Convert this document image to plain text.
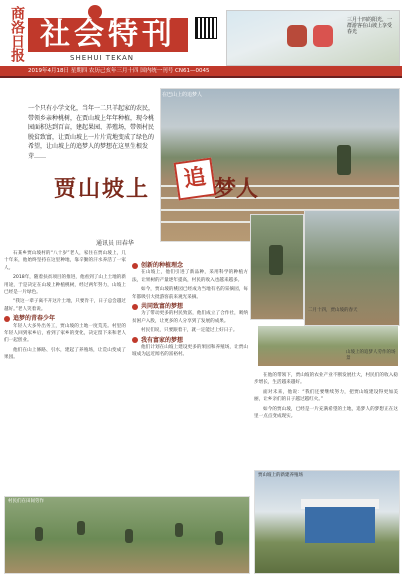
商洛日报 社会特刊
SHEHUI TEKAN
三月十四的阳光，一群游客在山坡上享受春光
2019年4月18日 星期四 农历己亥年三月十四 国内统一刊号 CN61—0045
一个只有小学文化，当年一二只羊起家的农民，带领乡亲种桃树，在贾山坡上年年种植，现今桃园面积达到百亩，建起果园、养殖场，带领村民脱贫致富，让贾山坡上一片片荒地变成了绿色的希望，让山坡上的追梦人的梦想在这里生根发芽……
在巴山上的追梦人
贾山坡上	追 梦人
通讯员 田春华
二月十四，贾山坡的春天
山坡上的追梦人劳作的场景

石某乡贾山坡村的“八十岁”老人，家住在贾山坡上，几十年来，他始终坚持在这里种地，靠辛勤的汗水养活了一家人。

2018年，随着扶贫项目的推进，他看到了山上土地的新用途，于是决定在山坡上种植桃树，经过两年努力，山坡上已经是一片绿色。

“我这一辈子离不开这片土地，只要肯干，日子总会越过越好。”老人笑着说。

追梦的青春少年

年轻人大多外出务工，贾山坡的土地一度荒芜。村里的年轻人回到家乡后，看到了家乡的变化，决定留下来和老人们一起创业。

他们在山上修路、引水，建起了养殖场，让荒山变成了果园。

创新的种植理念

在山坡上，他们引进了新品种，采用科学的种植方法，让果树的产量逐年提高，村民的收入也越来越多。

如今，贾山坡的桃园已经成为当地有名的采摘园，每年都吸引大批游客前来观光采摘。

共同致富的梦想

为了带动更多的村民致富，他们成立了合作社，吸纳贫困户入股，让更多的人分享到了发展的成果。

村民们说，只要跟着干，就一定能过上好日子。

我有富家的梦想

他们计划在山坡上建设更多的果园和养殖场，让贾山坡成为远近闻名的富裕村。

在他的带领下，贾山坡的农业产业不断发展壮大，村民们的收入稳步增长，生活越来越好。

面对未来，他说：“我们还要继续努力，把贾山坡建设得更加美丽，让乡亲们的日子越过越红火。”

如今的贾山坡，已经是一片充满希望的土地，追梦人的梦想正在这里一点点变成现实。

村民们在田间劳作
贾山坡上的新建养殖场
